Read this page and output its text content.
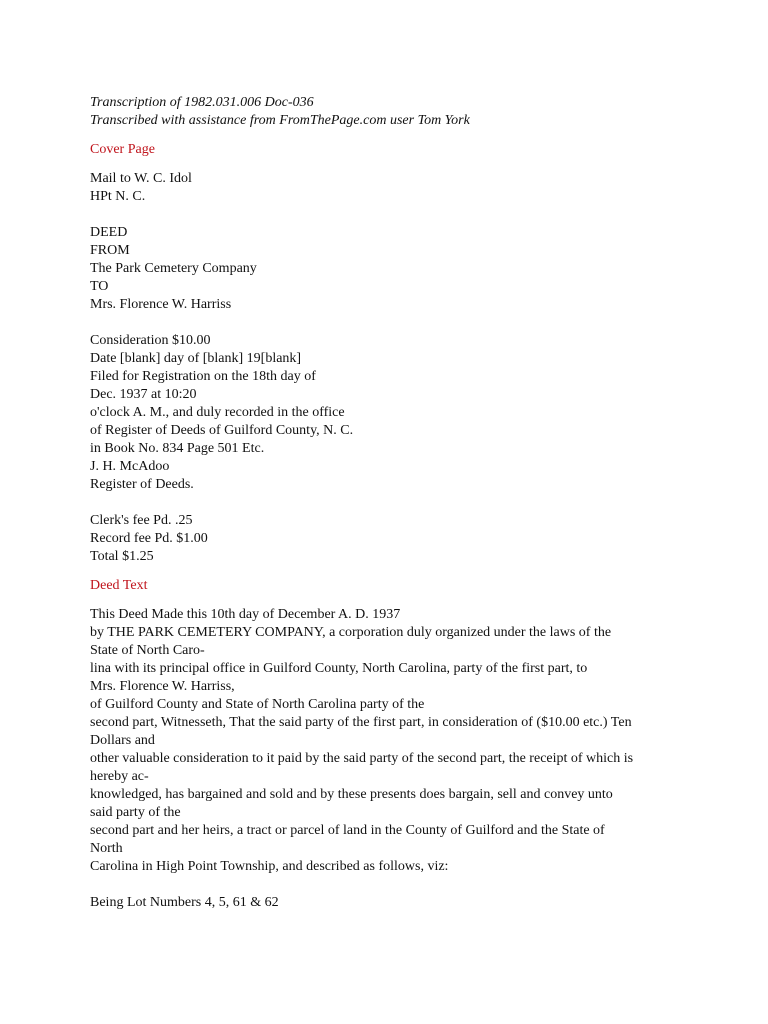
Transcription of 1982.031.006 Doc-036
Transcribed with assistance from FromThePage.com user Tom York
Cover Page
Mail to W. C. Idol
HPt N. C.
DEED
FROM
The Park Cemetery Company
TO
Mrs. Florence W. Harriss
Consideration $10.00
Date [blank] day of [blank] 19[blank]
Filed for Registration on the 18th day of
Dec. 1937 at 10:20
o'clock A. M., and duly recorded in the office
of Register of Deeds of Guilford County, N. C.
in Book No. 834 Page 501 Etc.
J. H. McAdoo
Register of Deeds.
Clerk's fee Pd. .25
Record fee Pd. $1.00
Total $1.25
Deed Text
This Deed Made this 10th day of December A. D. 1937
by THE PARK CEMETERY COMPANY, a corporation duly organized under the laws of the
State of North Caro-
lina with its principal office in Guilford County, North Carolina, party of the first part, to
Mrs. Florence W. Harriss,
of Guilford County and State of North Carolina party of the
second part, Witnesseth, That the said party of the first part, in consideration of ($10.00 etc.) Ten
Dollars and
other valuable consideration to it paid by the said party of the second part, the receipt of which is
hereby ac-
knowledged, has bargained and sold and by these presents does bargain, sell and convey unto
said party of the
second part and her heirs, a tract or parcel of land in the County of Guilford and the State of
North
Carolina in High Point Township, and described as follows, viz:
Being Lot Numbers 4, 5, 61 & 62
